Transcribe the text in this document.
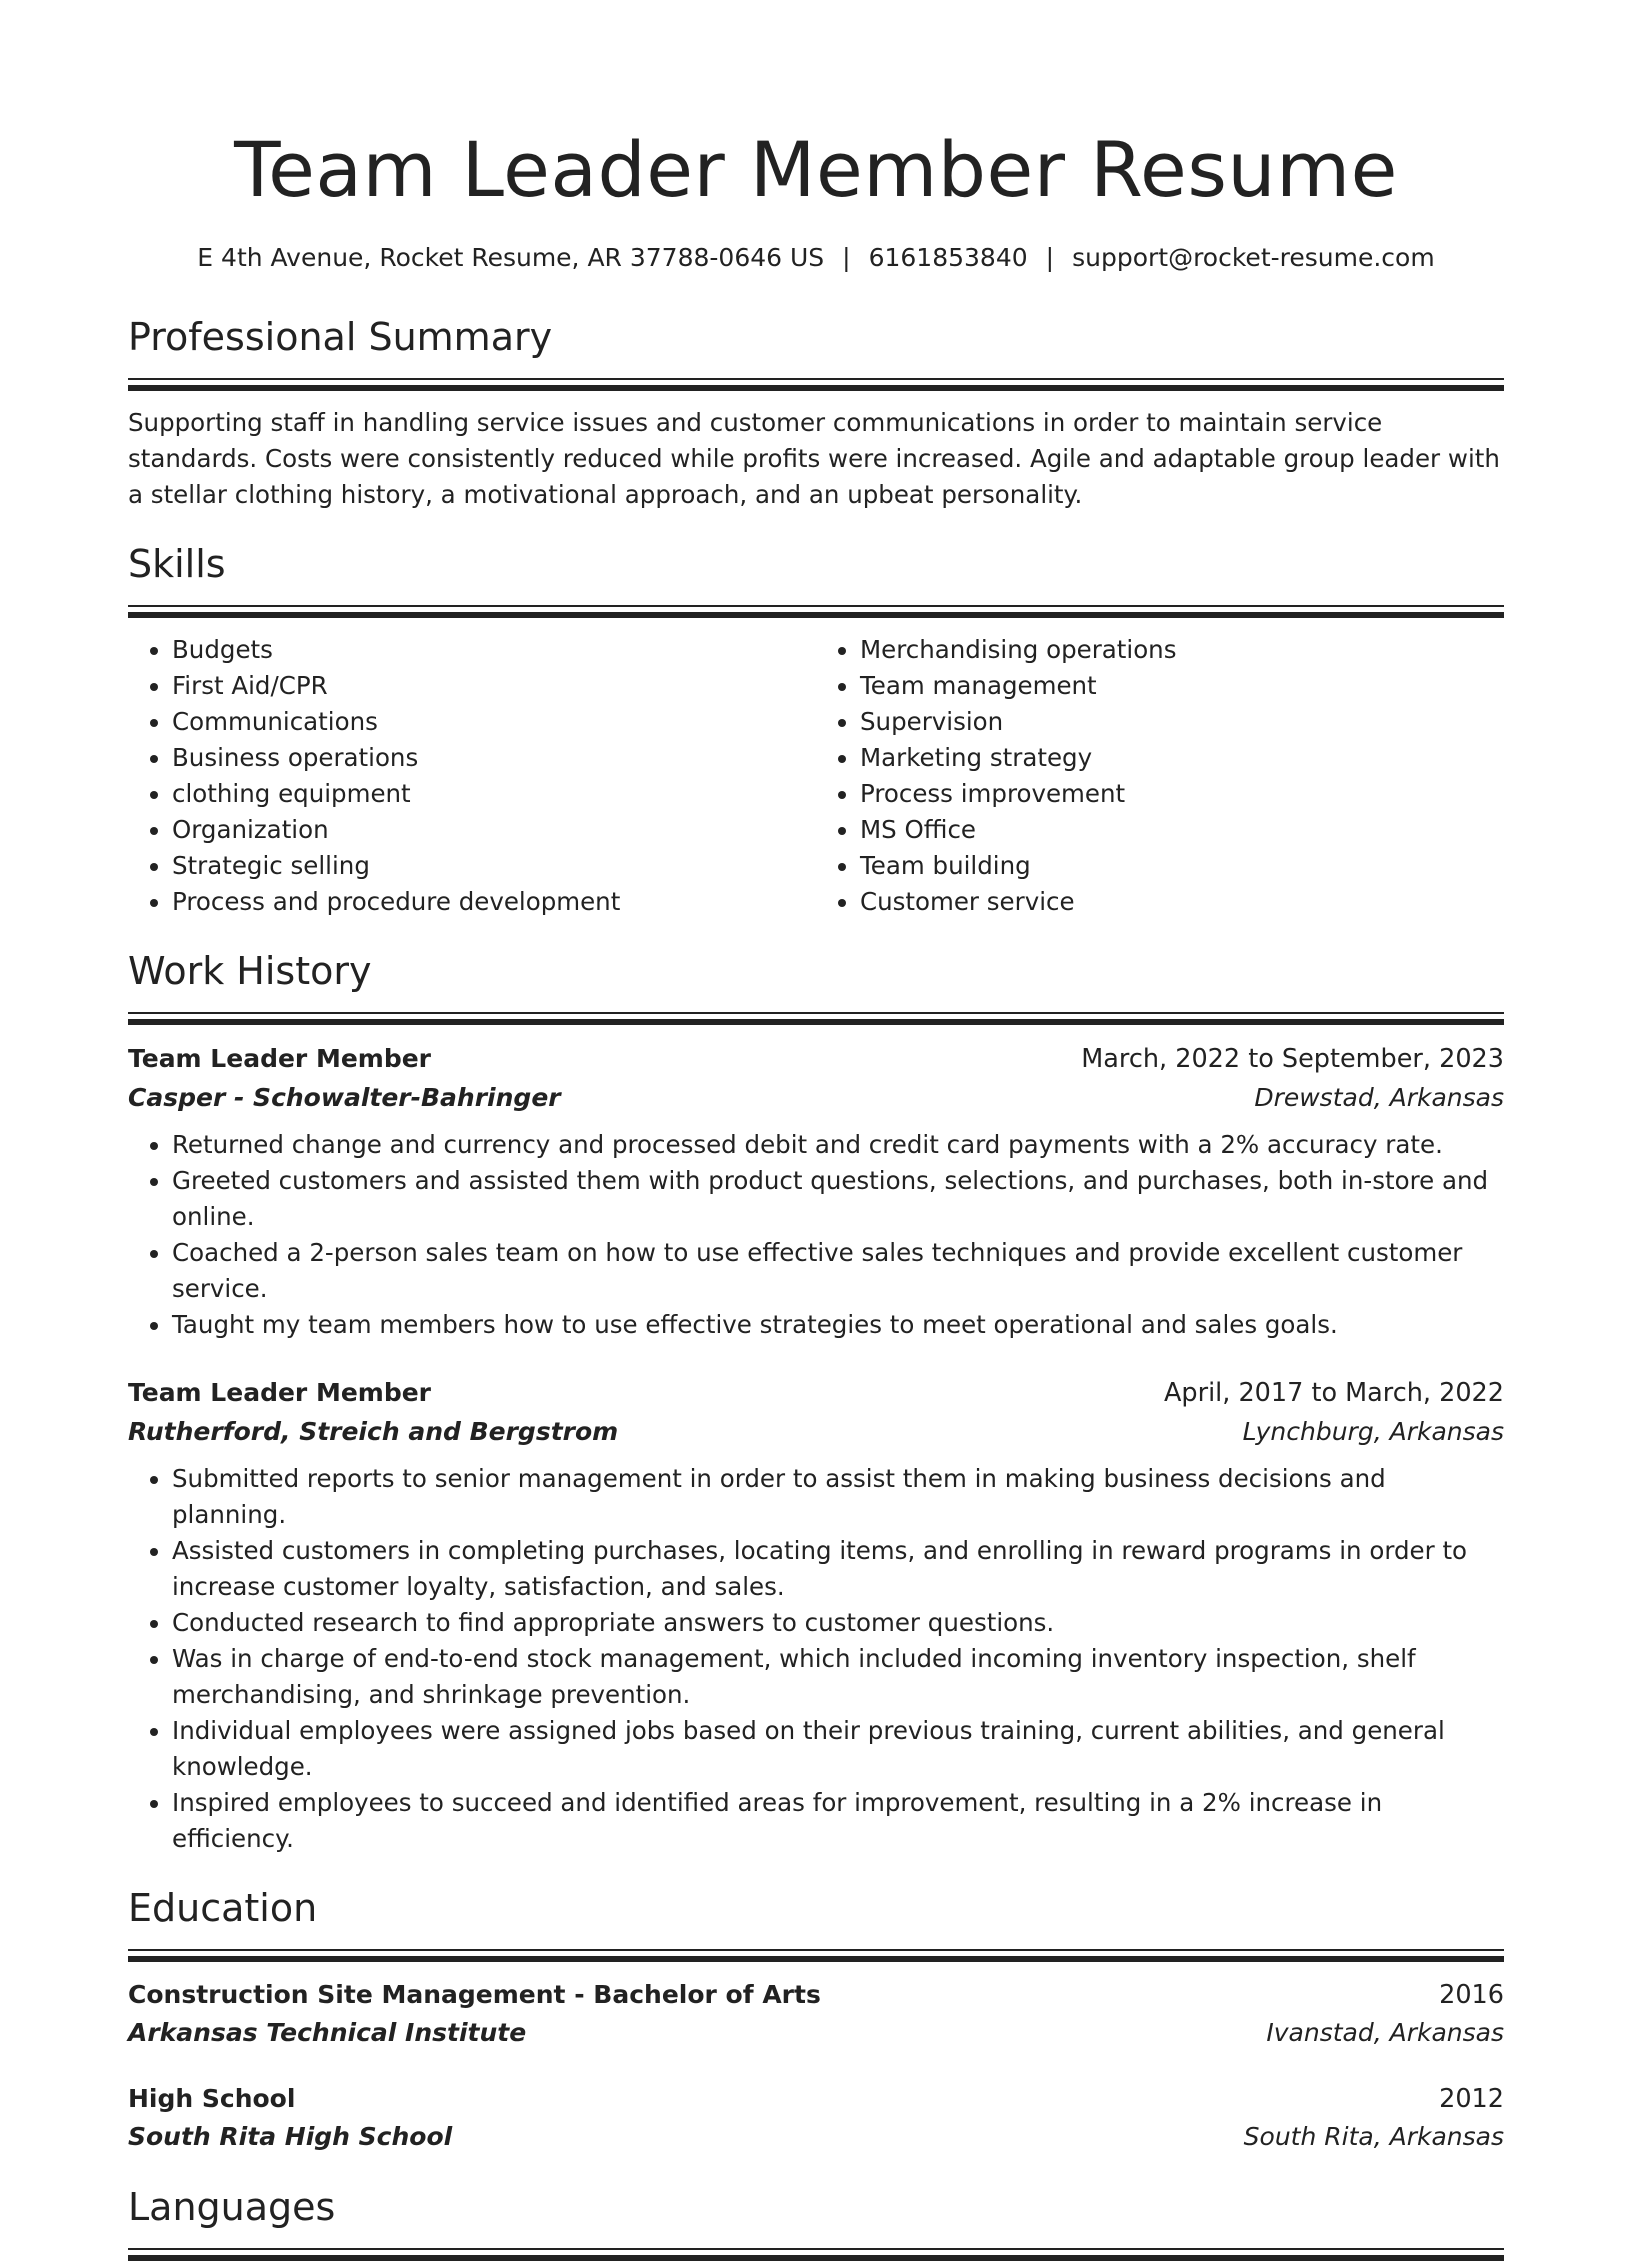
Team Leader Member Resume
E 4th Avenue, Rocket Resume, AR 37788-0646 US | 6161853840 | support@rocket-resume.com
Professional Summary
Supporting staff in handling service issues and customer communications in order to maintain service standards. Costs were consistently reduced while profits were increased. Agile and adaptable group leader with a stellar clothing history, a motivational approach, and an upbeat personality.
Skills
• Budgets
• First Aid/CPR
• Communications
• Business operations
• clothing equipment
• Organization
• Strategic selling
• Process and procedure development
• Merchandising operations
• Team management
• Supervision
• Marketing strategy
• Process improvement
• MS Office
• Team building
• Customer service
Work History
Team Leader Member	March, 2022 to September, 2023
Casper - Schowalter-Bahringer	Drewstad, Arkansas
• Returned change and currency and processed debit and credit card payments with a 2% accuracy rate.
• Greeted customers and assisted them with product questions, selections, and purchases, both in-store and online.
• Coached a 2-person sales team on how to use effective sales techniques and provide excellent customer service.
• Taught my team members how to use effective strategies to meet operational and sales goals.
Team Leader Member	April, 2017 to March, 2022
Rutherford, Streich and Bergstrom	Lynchburg, Arkansas
• Submitted reports to senior management in order to assist them in making business decisions and planning.
• Assisted customers in completing purchases, locating items, and enrolling in reward programs in order to increase customer loyalty, satisfaction, and sales.
• Conducted research to find appropriate answers to customer questions.
• Was in charge of end-to-end stock management, which included incoming inventory inspection, shelf merchandising, and shrinkage prevention.
• Individual employees were assigned jobs based on their previous training, current abilities, and general knowledge.
• Inspired employees to succeed and identified areas for improvement, resulting in a 2% increase in efficiency.
Education
Construction Site Management - Bachelor of Arts	2016
Arkansas Technical Institute	Ivanstad, Arkansas
High School	2012
South Rita High School	South Rita, Arkansas
Languages
